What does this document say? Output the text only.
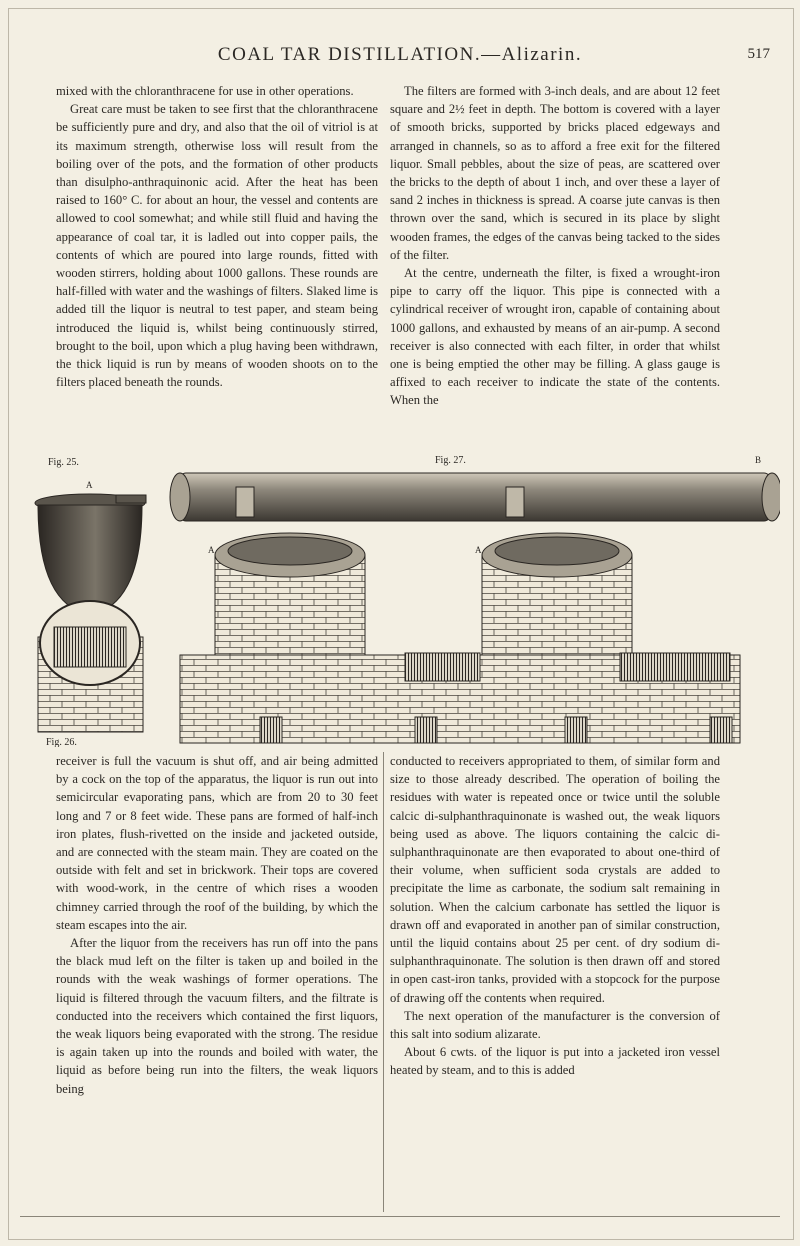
COAL TAR DISTILLATION.—Alizarin.	517

mixed with the chloranthracene for use in other operations.

Great care must be taken to see first that the chloranthracene be sufficiently pure and dry, and also that the oil of vitriol is at its maximum strength, otherwise loss will result from the boiling over of the pots, and the formation of other products than disulpho-anthraquinonic acid. After the heat has been raised to 160° C. for about an hour, the vessel and contents are allowed to cool somewhat; and while still fluid and having the appearance of coal tar, it is ladled out into copper pails, the contents of which are poured into large rounds, fitted with wooden stirrers, holding about 1000 gallons. These rounds are half-filled with water and the washings of filters. Slaked lime is added till the liquor is neutral to test paper, and steam being introduced the liquid is, whilst being continuously stirred, brought to the boil, upon which a plug having been withdrawn, the thick liquid is run by means of wooden shoots on to the filters placed beneath the rounds.

The filters are formed with 3-inch deals, and are about 12 feet square and 2½ feet in depth. The bottom is covered with a layer of smooth bricks, supported by bricks placed edgeways and arranged in channels, so as to afford a free exit for the filtered liquor. Small pebbles, about the size of peas, are scattered over the bricks to the depth of about 1 inch, and over these a layer of sand 2 inches in thickness is spread. A coarse jute canvas is then thrown over the sand, which is secured in its place by slight wooden frames, the edges of the canvas being tacked to the sides of the filter.

At the centre, underneath the filter, is fixed a wrought-iron pipe to carry off the liquor. This pipe is connected with a cylindrical receiver of wrought iron, capable of containing about 1000 gallons, and exhausted by means of an air-pump. A second receiver is also connected with each filter, in order that whilst one is being emptied the other may be filling. A glass gauge is affixed to each receiver to indicate the state of the contents. When the

Fig. 25.
A
Fig. 26.
Fig. 27.	B
A	A

receiver is full the vacuum is shut off, and air being admitted by a cock on the top of the apparatus, the liquor is run out into semicircular evaporating pans, which are from 20 to 30 feet long and 7 or 8 feet wide. These pans are formed of half-inch iron plates, flush-rivetted on the inside and jacketed outside, and are connected with the steam main. They are coated on the outside with felt and set in brickwork. Their tops are covered with wood-work, in the centre of which rises a wooden chimney carried through the roof of the building, by which the steam escapes into the air.

After the liquor from the receivers has run off into the pans the black mud left on the filter is taken up and boiled in the rounds with the weak washings of former operations. The liquid is filtered through the vacuum filters, and the filtrate is conducted into the receivers which contained the first liquors, the weak liquors being evaporated with the strong. The residue is again taken up into the rounds and boiled with water, the liquid as before being run into the filters, the weak liquors being

conducted to receivers appropriated to them, of similar form and size to those already described. The operation of boiling the residues with water is repeated once or twice until the soluble calcic di-sulphanthraquinonate is washed out, the weak liquors being used as above. The liquors containing the calcic di-sulphanthraquinonate are then evaporated to about one-third of their volume, when sufficient soda crystals are added to precipitate the lime as carbonate, the sodium salt remaining in solution. When the calcium carbonate has settled the liquor is drawn off and evaporated in another pan of similar construction, until the liquid contains about 25 per cent. of dry sodium di-sulphanthraquinonate. The solution is then drawn off and stored in open cast-iron tanks, provided with a stopcock for the purpose of drawing off the contents when required.

The next operation of the manufacturer is the conversion of this salt into sodium alizarate.

About 6 cwts. of the liquor is put into a jacketed iron vessel heated by steam, and to this is added
